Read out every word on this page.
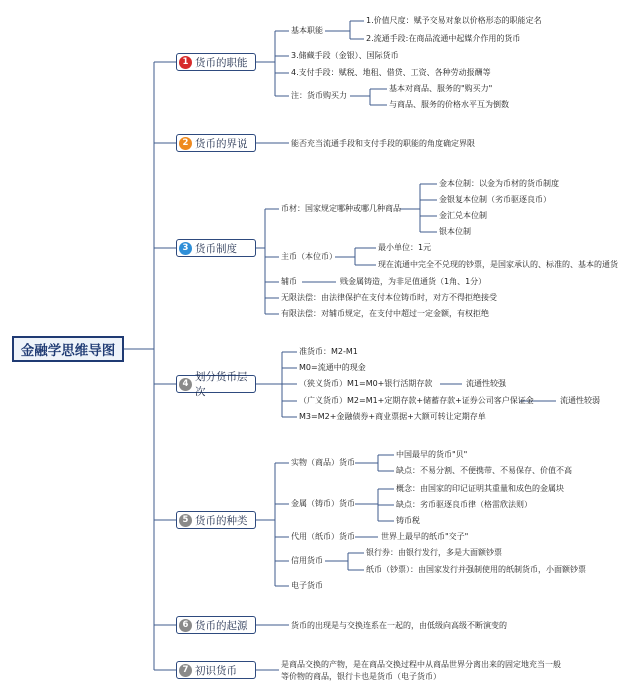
金融学思维导图
1 货币的职能
2 货币的界说
3 货币制度
4
划分货币层次
5 货币的种类
6 货币的起源
7 初识货币
基本职能
1.价值尺度：赋予交易对象以价格形态的职能定名
2.流通手段:在商品流通中起媒介作用的货币
3.储藏手段（金银）、国际货币
4.支付手段：赋税、地租、借贷、工资、各种劳动报酬等
注：货币购买力
基本对商品、服务的"购买力"
与商品、服务的价格水平互为倒数
能否充当流通手段和支付手段的职能的角度确定界限
币材：国家规定哪种或哪几种商品
金本位制：以金为币材的货币制度
金银复本位制（劣币驱逐良币）
金汇兑本位制
银本位制
主币（本位币）
最小单位：1元
现在流通中完全不兑现的钞票，是国家承认的、标准的、基本的通货
辅币	贱金属铸造，为非足值通货（1角、1分）
无限法偿：由法律保护在支付本位铸币时，对方不得拒绝接受
有限法偿：对辅币规定，在支付中超过一定金额，有权拒绝
准货币：M2-M1
M0=流通中的现金
（狭义货币）M1=M0+银行活期存款	流通性较强
（广义货币）M2=M1+定期存款+储蓄存款+证券公司客户保证金	流通性较弱
M3=M2+金融债券+商业票据+大额可转让定期存单
实物（商品）货币
中国最早的货币"贝"
缺点：不易分割、不便携带、不易保存、价值不高
金属（铸币）货币
概念：由国家的印记证明其重量和成色的金属块
缺点：劣币驱逐良币律（格雷欣法则）
铸币税
代用（纸币）货币	世界上最早的纸币"交子"
信用货币
银行券：由银行发行，多是大面额钞票
纸币（钞票）：由国家发行并强制使用的纸制货币，小面额钞票
电子货币
货币的出现是与交换连系在一起的，由低级向高级不断演变的
是商品交换的产物，是在商品交换过程中从商品世界分离出来的固定地充当一般
等价物的商品，银行卡也是货币（电子货币）
